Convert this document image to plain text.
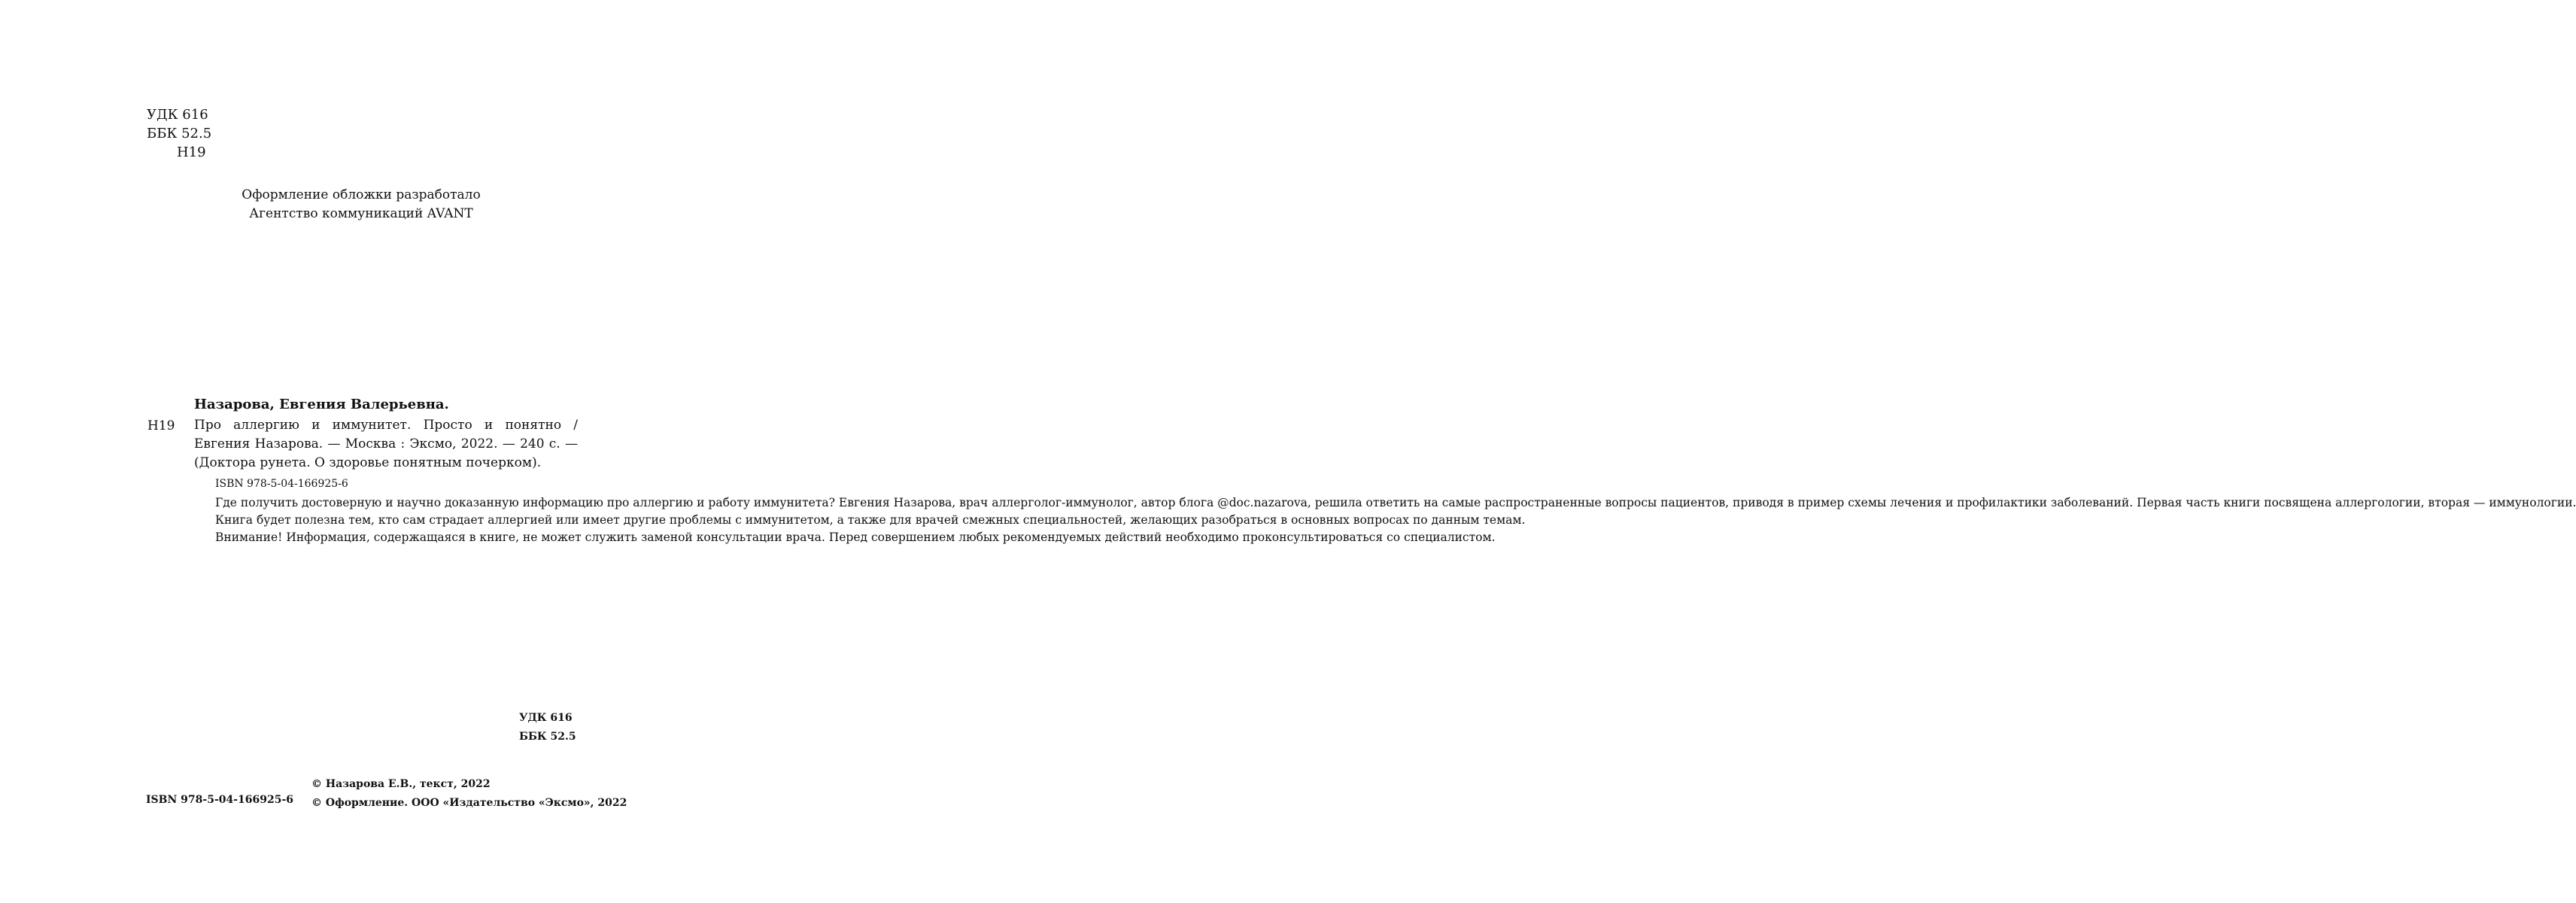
УДК 616
ББК 52.5
Н19
Оформление обложки разработало
Агентство коммуникаций AVANT
Назарова, Евгения Валерьевна.
Н19 Про аллергию и иммунитет. Просто и понятно / Евгения Назарова. — Москва : Эксмо, 2022. — 240 с. — (Доктора рунета. О здоровье понятным почерком).
ISBN 978-5-04-166925-6

Где получить достоверную и научно доказанную информацию про аллергию и работу иммунитета? Евгения Назарова, врач аллерголог-иммунолог, автор блога @doc.nazarova, решила ответить на самые распространенные вопросы пациентов, приводя в пример схемы лечения и профилактики заболеваний. Первая часть книги посвящена аллергологии, вторая — иммунологии.

Книга будет полезна тем, кто сам страдает аллергией или имеет другие проблемы с иммунитетом, а также для врачей смежных специальностей, желающих разобраться в основных вопросах по данным темам.

Внимание! Информация, содержащаяся в книге, не может служить заменой консультации врача. Перед совершением любых рекомендуемых действий необходимо проконсультироваться со специалистом.

УДК 616
ББК 52.5
© Назарова Е.В., текст, 2022
© Оформление. ООО «Издательство «Эксмо», 2022
ISBN 978-5-04-166925-6
